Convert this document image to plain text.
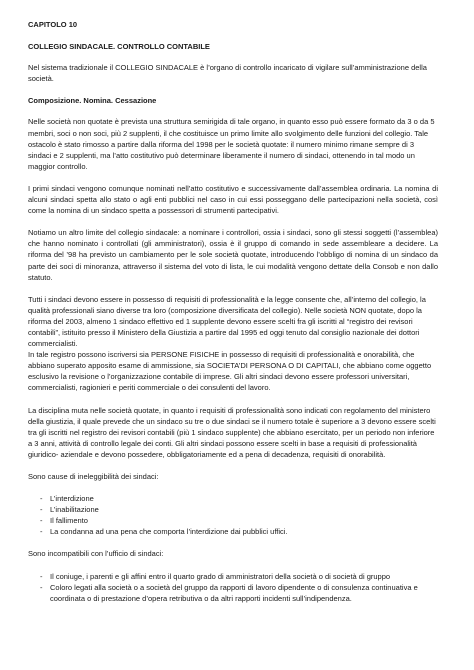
CAPITOLO 10

COLLEGIO SINDACALE. CONTROLLO CONTABILE

Nel sistema tradizionale il COLLEGIO SINDACALE è l’organo di controllo incaricato di vigilare sull’amministrazione della società.

Composizione. Nomina. Cessazione

Nelle società non quotate è prevista una struttura semirigida di tale organo, in quanto esso può essere formato da 3 o da 5 membri, soci o non soci, più 2 supplenti, il che costituisce un primo limite allo svolgimento delle funzioni del collegio. Tale ostacolo è stato rimosso a partire dalla riforma del 1998 per le società quotate: il numero minimo rimane sempre di 3 sindaci e 2 supplenti, ma l’atto costitutivo può determinare liberamente il numero di sindaci, ottenendo in tal modo un maggior controllo.

I primi sindaci vengono comunque nominati nell’atto costitutivo e successivamente dall’assemblea ordinaria. La nomina di alcuni sindaci spetta allo stato o agli enti pubblici nel caso in cui essi posseggano delle partecipazioni nella società, così come la nomina di un sindaco spetta a possessori di strumenti partecipativi.

Notiamo un altro limite del collegio sindacale: a nominare i controllori, ossia i sindaci, sono gli stessi soggetti (l’assemblea) che hanno nominato i controllati (gli amministratori), ossia è il gruppo di comando in sede assembleare a decidere. La riforma del ’98 ha previsto un cambiamento per le sole società quotate, introducendo l’obbligo di nomina di un sindaco da parte dei soci di minoranza, attraverso il sistema del voto di lista, le cui modalità vengono dettate della Consob e non dallo statuto.

Tutti i sindaci devono essere in possesso di requisiti di professionalità e la legge consente che, all’interno del collegio, la qualità professionali siano diverse tra loro (composizione diversificata del collegio). Nelle società NON quotate, dopo la riforma del 2003, almeno 1 sindaco effettivo ed 1 supplente devono essere scelti fra gli iscritti al “registro dei revisori contabili”, istituito presso il Ministero della Giustizia a partire dal 1995 ed oggi tenuto dal consiglio nazionale dei dottori commercialisti.

In tale registro possono iscriversi sia PERSONE FISICHE in possesso di requisiti di professionalità e onorabilità, che abbiano superato apposito esame di ammissione, sia SOCIETA’DI PERSONA O DI CAPITALI, che abbiano come oggetto esclusivo la revisione o l’organizzazione contabile di imprese. Gli altri sindaci devono essere professori universitari, commercialisti, ragionieri e periti commerciale o dei consulenti del lavoro.

La disciplina muta nelle società quotate, in quanto i requisiti di professionalità sono indicati con regolamento del ministero della giustizia, il quale prevede che un sindaco su tre o due sindaci se il numero totale è superiore a 3 devono essere scelti tra gli iscritti nel registro dei revisori contabili (più 1 sindaco supplente) che abbiano esercitato, per un periodo non inferiore a 3 anni, attività di controllo legale dei conti. Gli altri sindaci possono essere scelti in base a requisiti di professionalità giuridico- aziendale e devono possedere, obbligatoriamente ed a pena di decadenza, requisiti di onorabilità.

Sono cause di ineleggibilità dei sindaci:

- L’interdizione
- L’inabilitazione
- Il fallimento
- La condanna ad una pena che comporta l’interdizione dai pubblici uffici.

Sono incompatibili con l’ufficio di sindaci:

- Il coniuge, i parenti e gli affini entro il quarto grado di amministratori della società o di società di gruppo
- Coloro legati alla società o a società del gruppo da rapporti di lavoro dipendente o di consulenza continuativa e coordinata o di prestazione d’opera retributiva o da altri rapporti incidenti sull’indipendenza.
